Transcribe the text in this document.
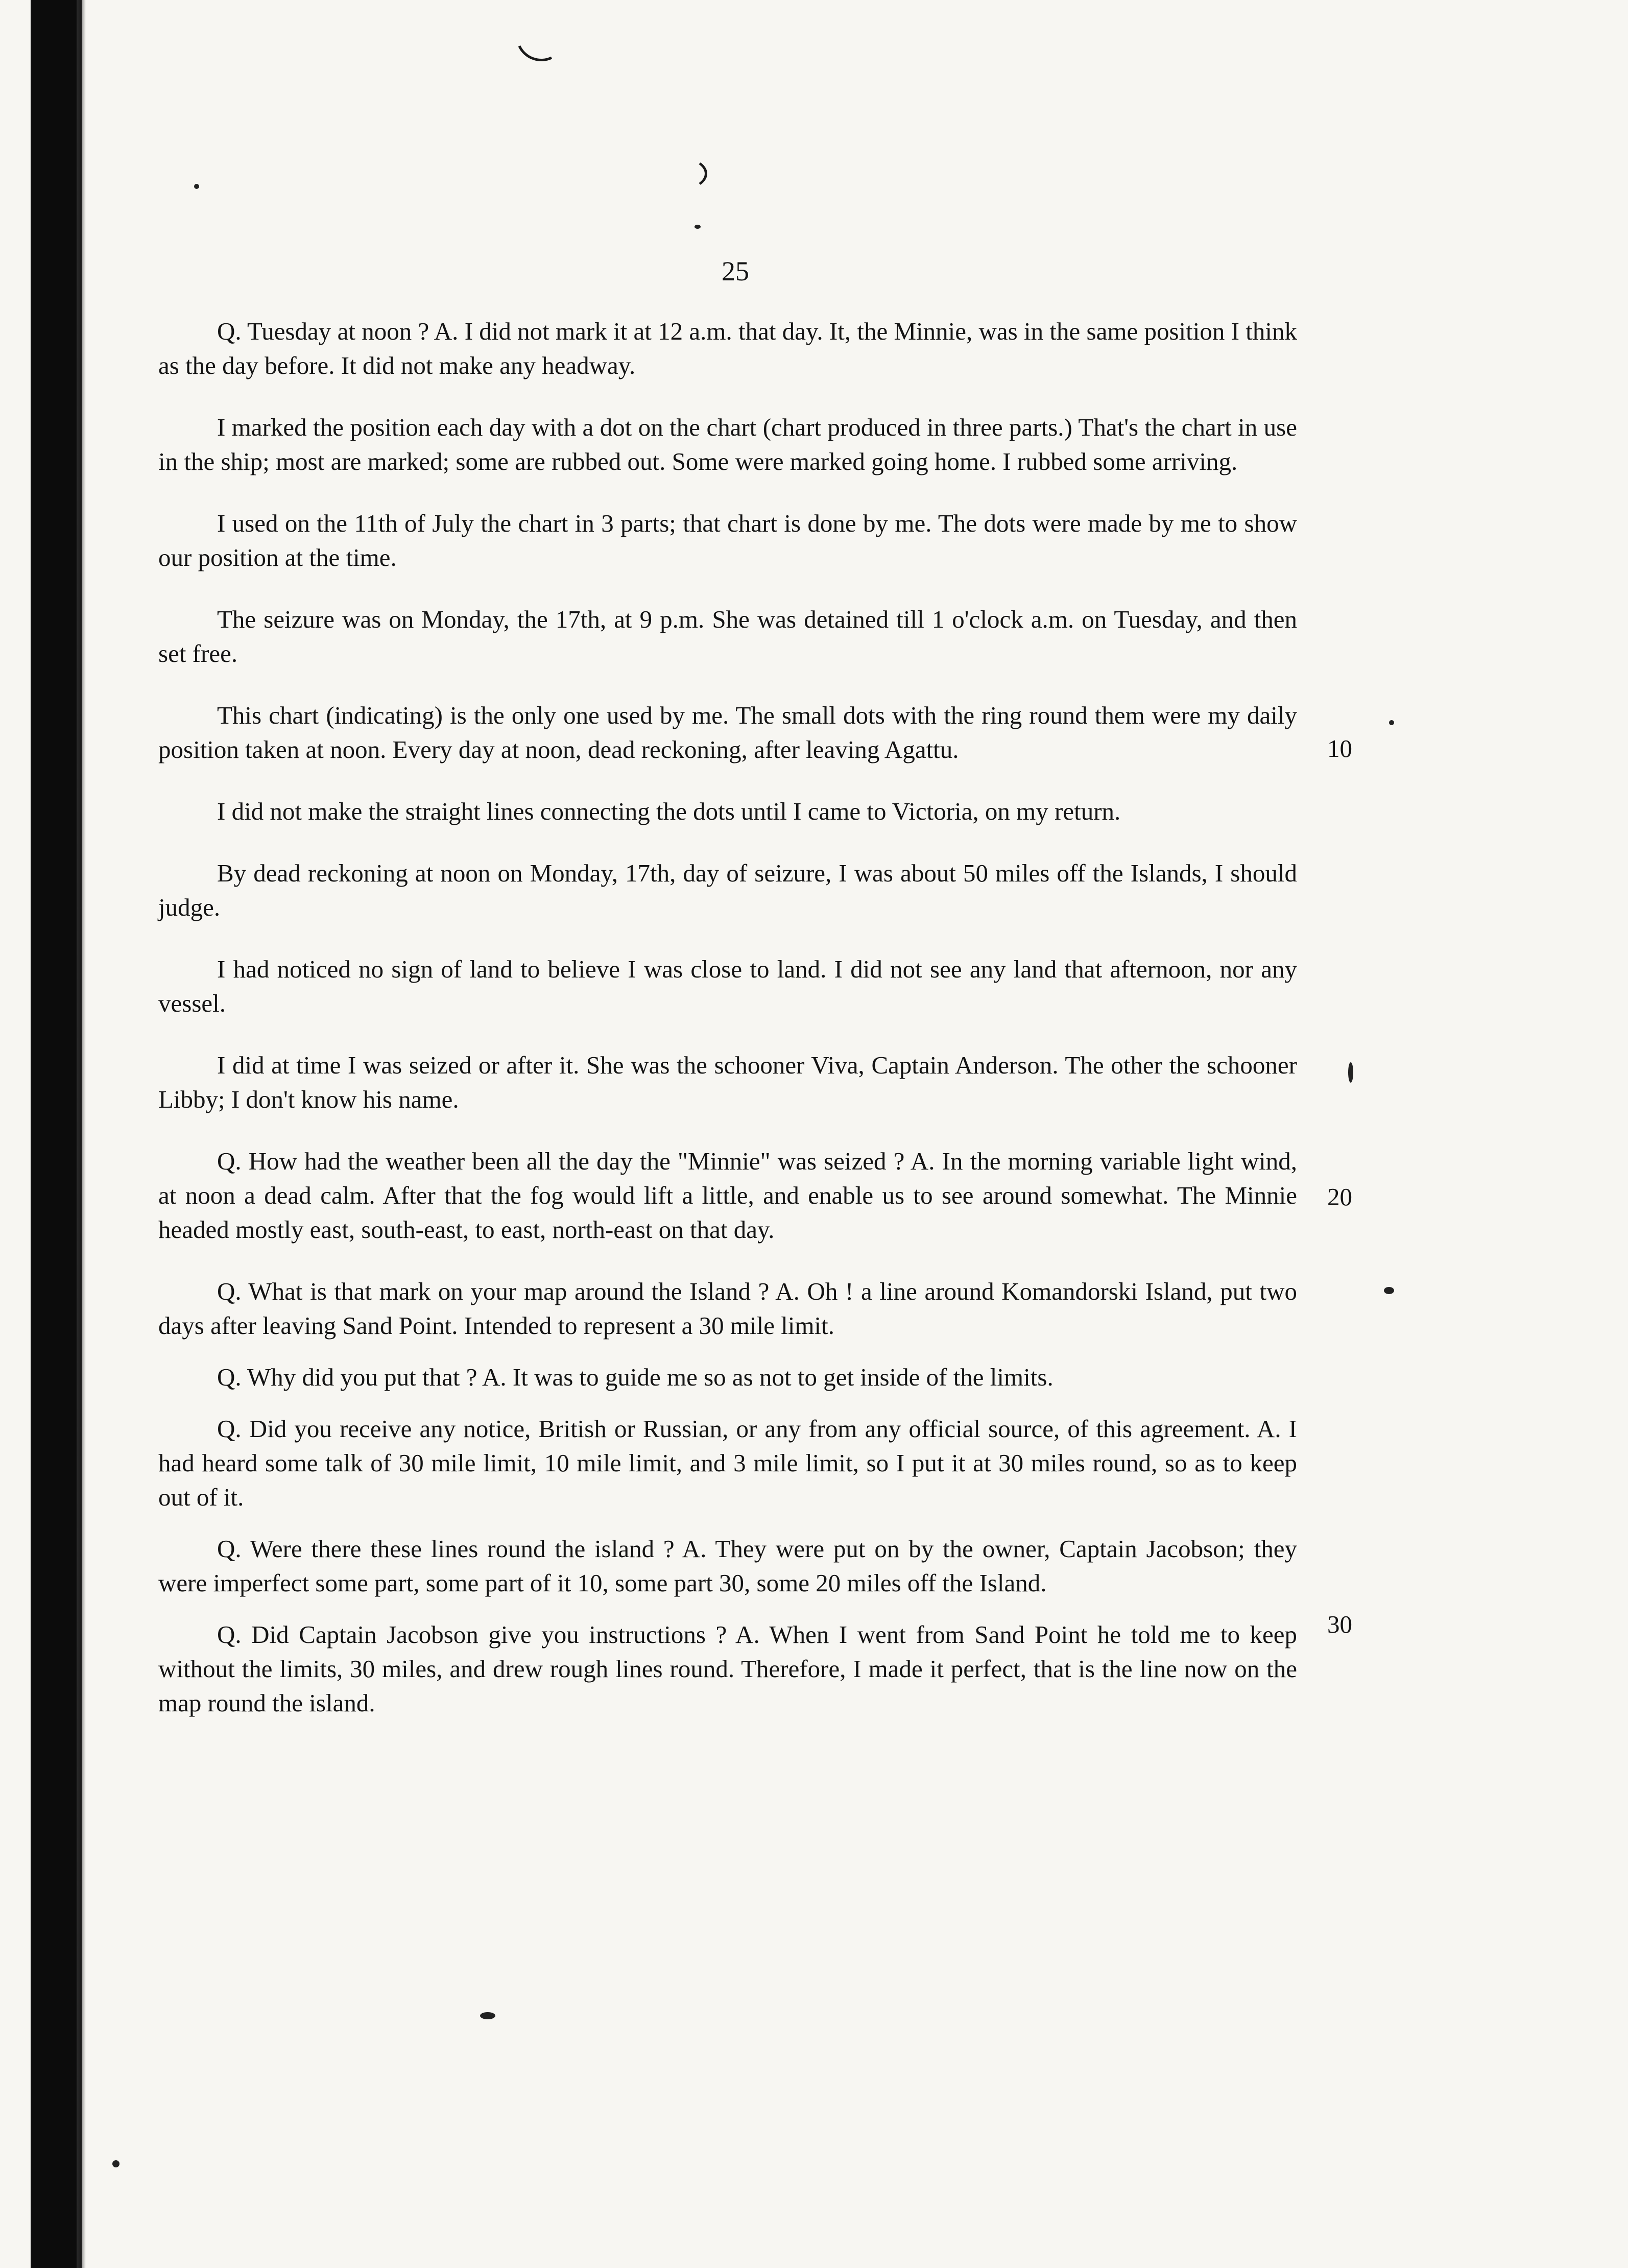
25
10
20
30

Q. Tuesday at noon ? A. I did not mark it at 12 a.m. that day. It, the Minnie, was in the same position I think as the day before. It did not make any headway.

I marked the position each day with a dot on the chart (chart produced in three parts.) That's the chart in use in the ship; most are marked; some are rubbed out. Some were marked going home. I rubbed some arriving.

I used on the 11th of July the chart in 3 parts; that chart is done by me. The dots were made by me to show our position at the time.

The seizure was on Monday, the 17th, at 9 p.m. She was detained till 1 o'clock a.m. on Tuesday, and then set free.

This chart (indicating) is the only one used by me. The small dots with the ring round them were my daily position taken at noon. Every day at noon, dead reckoning, after leaving Agattu.

I did not make the straight lines connecting the dots until I came to Victoria, on my return.

By dead reckoning at noon on Monday, 17th, day of seizure, I was about 50 miles off the Islands, I should judge.

I had noticed no sign of land to believe I was close to land. I did not see any land that afternoon, nor any vessel.

I did at time I was seized or after it. She was the schooner Viva, Captain Anderson. The other the schooner Libby; I don't know his name.

Q. How had the weather been all the day the "Minnie" was seized ? A. In the morning variable light wind, at noon a dead calm. After that the fog would lift a little, and enable us to see around somewhat. The Minnie headed mostly east, south-east, to east, north-east on that day.

Q. What is that mark on your map around the Island ? A. Oh ! a line around Komandorski Island, put two days after leaving Sand Point. Intended to represent a 30 mile limit.

Q. Why did you put that ? A. It was to guide me so as not to get inside of the limits.

Q. Did you receive any notice, British or Russian, or any from any official source, of this agreement. A. I had heard some talk of 30 mile limit, 10 mile limit, and 3 mile limit, so I put it at 30 miles round, so as to keep out of it.

Q. Were there these lines round the island ? A. They were put on by the owner, Captain Jacobson; they were imperfect some part, some part of it 10, some part 30, some 20 miles off the Island.

Q. Did Captain Jacobson give you instructions ? A. When I went from Sand Point he told me to keep without the limits, 30 miles, and drew rough lines round. Therefore, I made it perfect, that is the line now on the map round the island.
